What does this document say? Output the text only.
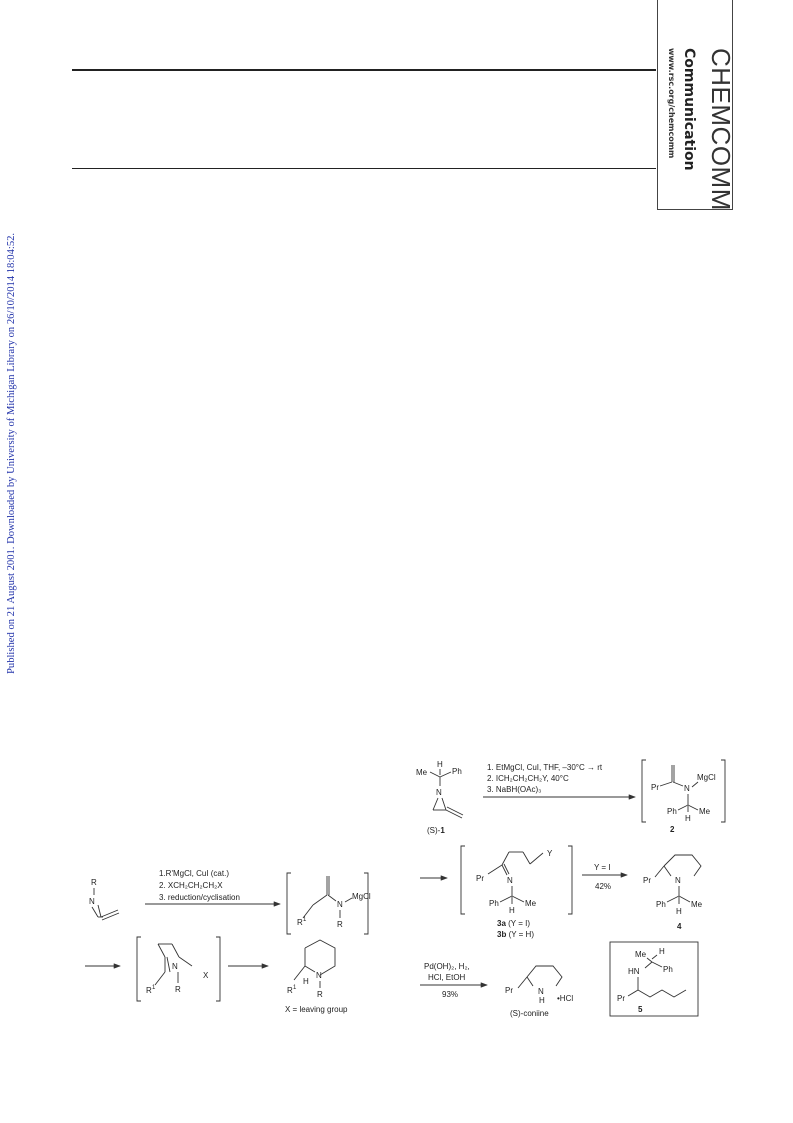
CHEMCOMM
Communication
www.rsc.org/chemcomm
Published on 21 August 2001. Downloaded by University of Michigan Library on 26/10/2014 18:04:52.
R
N
1.R'MgCl, CuI (cat.)
2. XCH₂CH₂CH₂X
3. reduction/cyclisation
N
MgCl
R
R 1
N
R
R 1
X	N
R
H
R 1
X = leaving group
H
Me	Ph
N
(S)-1
1. EtMgCl, CuI, THF, –30°C → rt
2. ICH₂CH₂CH₂Y, 40°C
3. NaBH(OAc)₃	Pr	N
MgCl
Ph	Me
H
2
Y
Pr	N
Ph	Me
H
3a (Y = I)
3b (Y = H)
Y = I
42%
N
Pr
Ph	Me
H
4
Pd(OH)₂, H₂,
HCl, EtOH
93%	N
H
Pr
•HCl
(S)-coniine
Me H
Ph
HN
Pr
5
